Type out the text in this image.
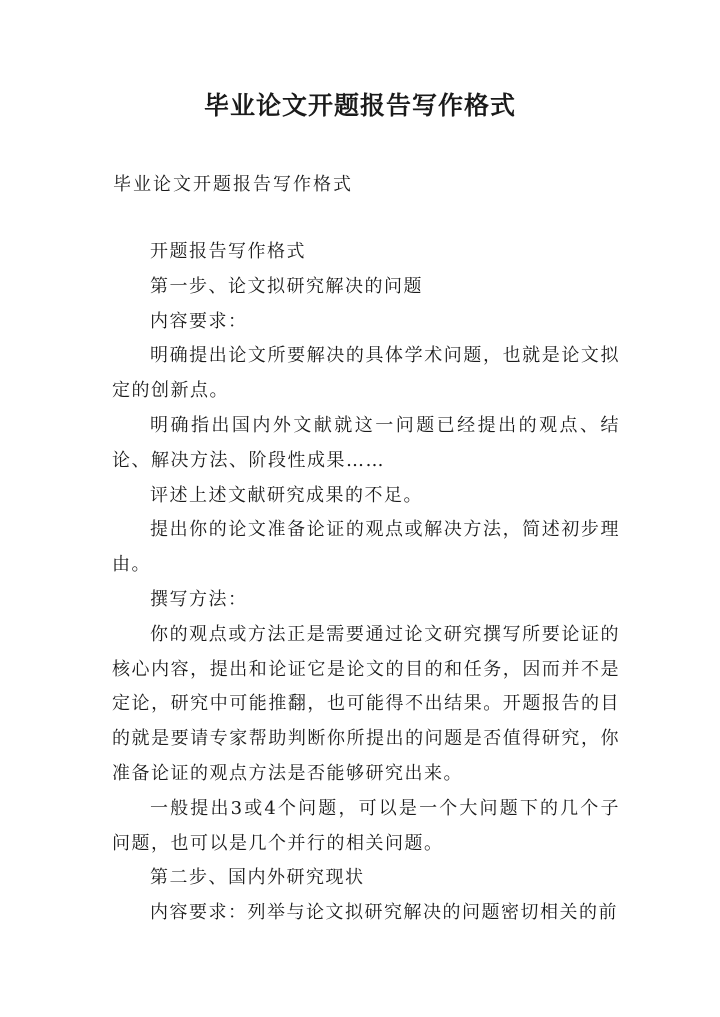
毕业论文开题报告写作格式
毕业论文开题报告写作格式

开题报告写作格式

第一步、论文拟研究解决的问题

内容要求：

明确提出论文所要解决的具体学术问题，也就是论文拟定的创新点。

明确指出国内外文献就这一问题已经提出的观点、结论、解决方法、阶段性成果……

评述上述文献研究成果的不足。

提出你的论文准备论证的观点或解决方法，简述初步理由。

撰写方法：

你的观点或方法正是需要通过论文研究撰写所要论证的核心内容，提出和论证它是论文的目的和任务，因而并不是定论，研究中可能推翻，也可能得不出结果。开题报告的目的就是要请专家帮助判断你所提出的问题是否值得研究，你准备论证的观点方法是否能够研究出来。

一般提出3或4个问题，可以是一个大问题下的几个子问题，也可以是几个并行的相关问题。

第二步、国内外研究现状

内容要求：列举与论文拟研究解决的问题密切相关的前
